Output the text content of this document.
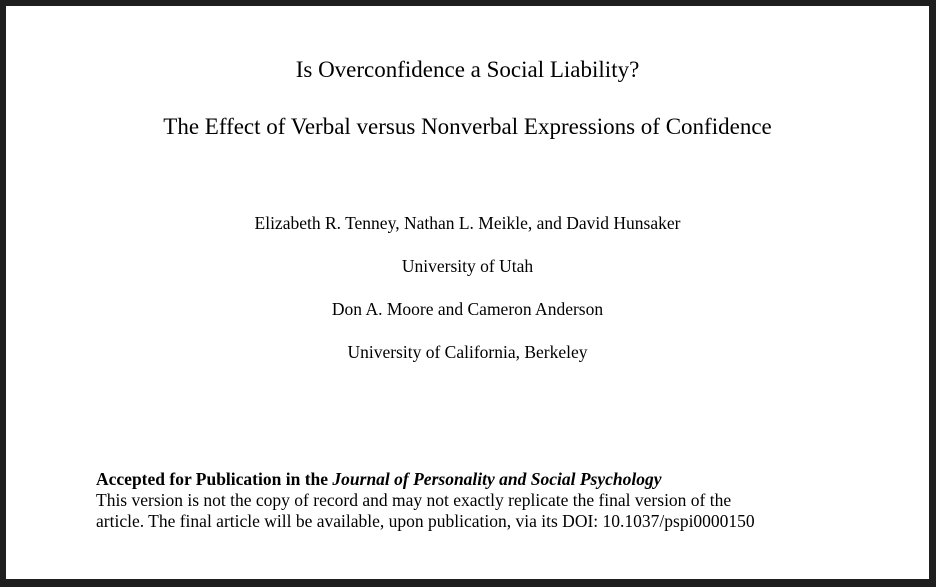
Is Overconfidence a Social Liability?
The Effect of Verbal versus Nonverbal Expressions of Confidence
Elizabeth R. Tenney, Nathan L. Meikle, and David Hunsaker
University of Utah
Don A. Moore and Cameron Anderson
University of California, Berkeley
Accepted for Publication in the Journal of Personality and Social Psychology
This version is not the copy of record and may not exactly replicate the final version of the
article. The final article will be available, upon publication, via its DOI: 10.1037/pspi0000150
